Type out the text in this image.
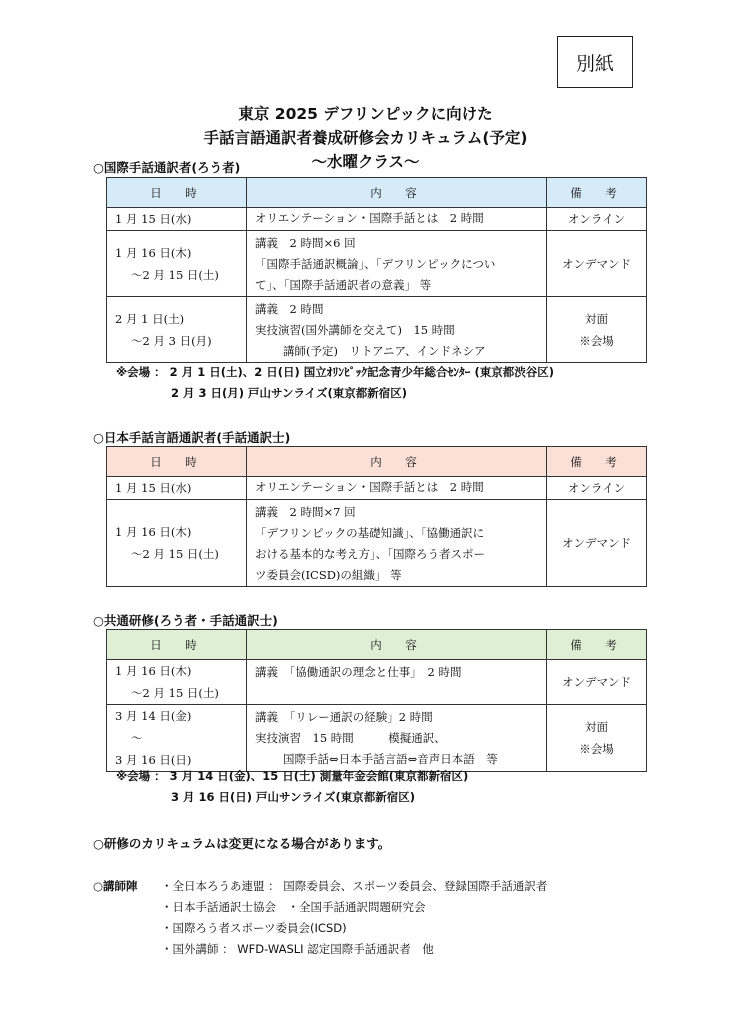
別紙
東京 2025 デフリンピックに向けた
手話言語通訳者養成研修会カリキュラム(予定)
～水曜クラス～
○国際手話通訳者(ろう者)
日　時	内　容	備　考
1 月 15 日(水)	オリエンテーション・国際手話とは　2 時間	オンライン
1 月 16 日(木)
～2 月 15 日(土)	講義　2 時間×6 回
「国際手話通訳概論」、「デフリンピックについ
て」、「国際手話通訳者の意義」 等	オンデマンド
2 月 1 日(土)
～2 月 3 日(月)	講義　2 時間
実技演習(国外講師を交えて)　15 時間
講師(予定)　リトアニア、インドネシア	対面
※会場
※会場 ： 2 月 1 日(土)、2 日(日) 国立ｵﾘﾝﾋﾟｯｸ記念青少年総合ｾﾝﾀｰ (東京都渋谷区)
2 月 3 日(月) 戸山サンライズ(東京都新宿区)
○日本手話言語通訳者(手話通訳士)
日　時	内　容	備　考
1 月 15 日(水)	オリエンテーション・国際手話とは　2 時間	オンライン
1 月 16 日(木)
～2 月 15 日(土)	講義　2 時間×7 回
「デフリンピックの基礎知識」、「協働通訳に
おける基本的な考え方」、「国際ろう者スポー
ツ委員会(ICSD)の組織」 等	オンデマンド
○共通研修(ろう者・手話通訳士)
日　時	内　容	備　考
1 月 16 日(木)
～2 月 15 日(土)	講義　「協働通訳の理念と仕事」　2 時間	オンデマンド
3 月 14 日(金)
～
3 月 16 日(日)	講義　「リレー通訳の経験」2 時間
実技演習　15 時間　　　模擬通訳、
国際手話⇔日本手話言語⇔音声日本語　等	対面
※会場
※会場 ： 3 月 14 日(金)、15 日(土) 測量年金会館(東京都新宿区)
3 月 16 日(日) 戸山サンライズ(東京都新宿区)
○研修のカリキュラムは変更になる場合があります。
○講師陣 ・全日本ろうあ連盟 ： 国際委員会、スポーツ委員会、登録国際手話通訳者
・日本手話通訳士協会　・全国手話通訳問題研究会
・国際ろう者スポーツ委員会(ICSD)
・国外講師 ： WFD-WASLI 認定国際手話通訳者　他
